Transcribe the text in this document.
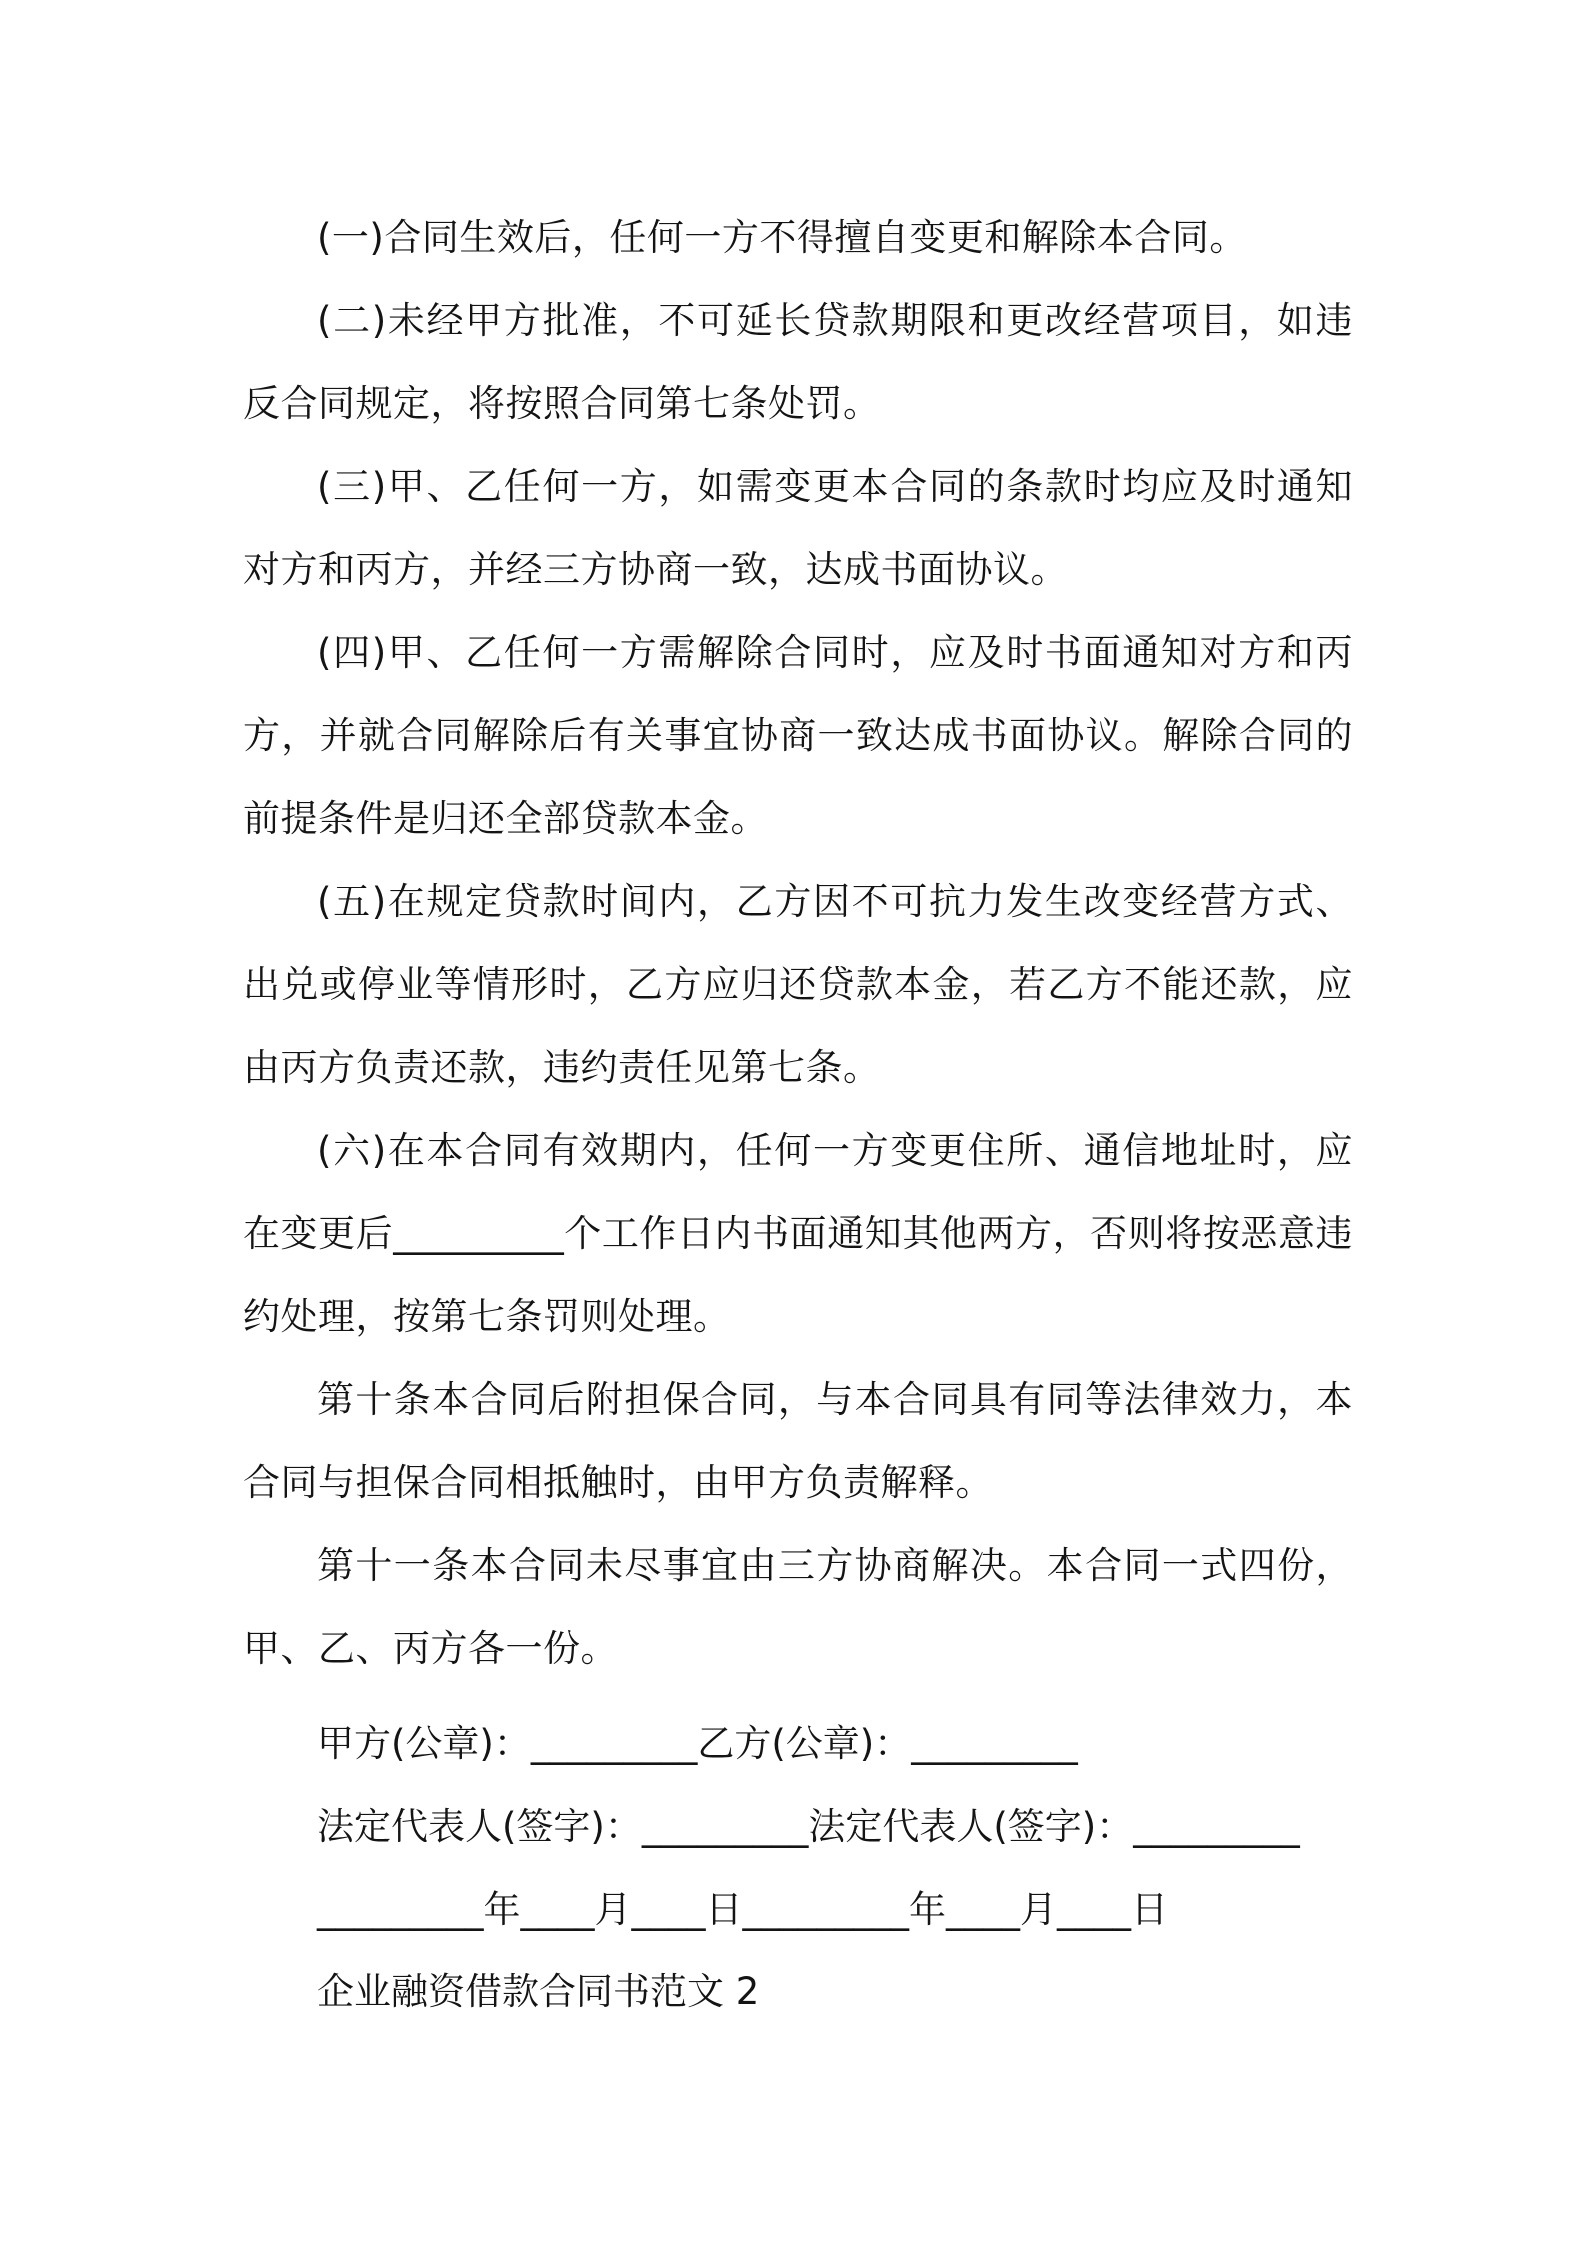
(一)合同生效后，任何一方不得擅自变更和解除本合同。

(二)未经甲方批准，不可延长贷款期限和更改经营项目，如违反合同规定，将按照合同第七条处罚。

(三)甲、乙任何一方，如需变更本合同的条款时均应及时通知对方和丙方，并经三方协商一致，达成书面协议。

(四)甲、乙任何一方需解除合同时，应及时书面通知对方和丙方，并就合同解除后有关事宜协商一致达成书面协议。解除合同的前提条件是归还全部贷款本金。

(五)在规定贷款时间内，乙方因不可抗力发生改变经营方式、出兑或停业等情形时，乙方应归还贷款本金，若乙方不能还款，应由丙方负责还款，违约责任见第七条。

(六)在本合同有效期内，任何一方变更住所、通信地址时，应在变更后_________个工作日内书面通知其他两方，否则将按恶意违约处理，按第七条罚则处理。

第十条本合同后附担保合同，与本合同具有同等法律效力，本合同与担保合同相抵触时，由甲方负责解释。

第十一条本合同未尽事宜由三方协商解决。本合同一式四份，甲、乙、丙方各一份。

甲方(公章)：_________乙方(公章)：_________

法定代表人(签字)：_________法定代表人(签字)：_________

_________年____月____日_________年____月____日

企业融资借款合同书范文 2
